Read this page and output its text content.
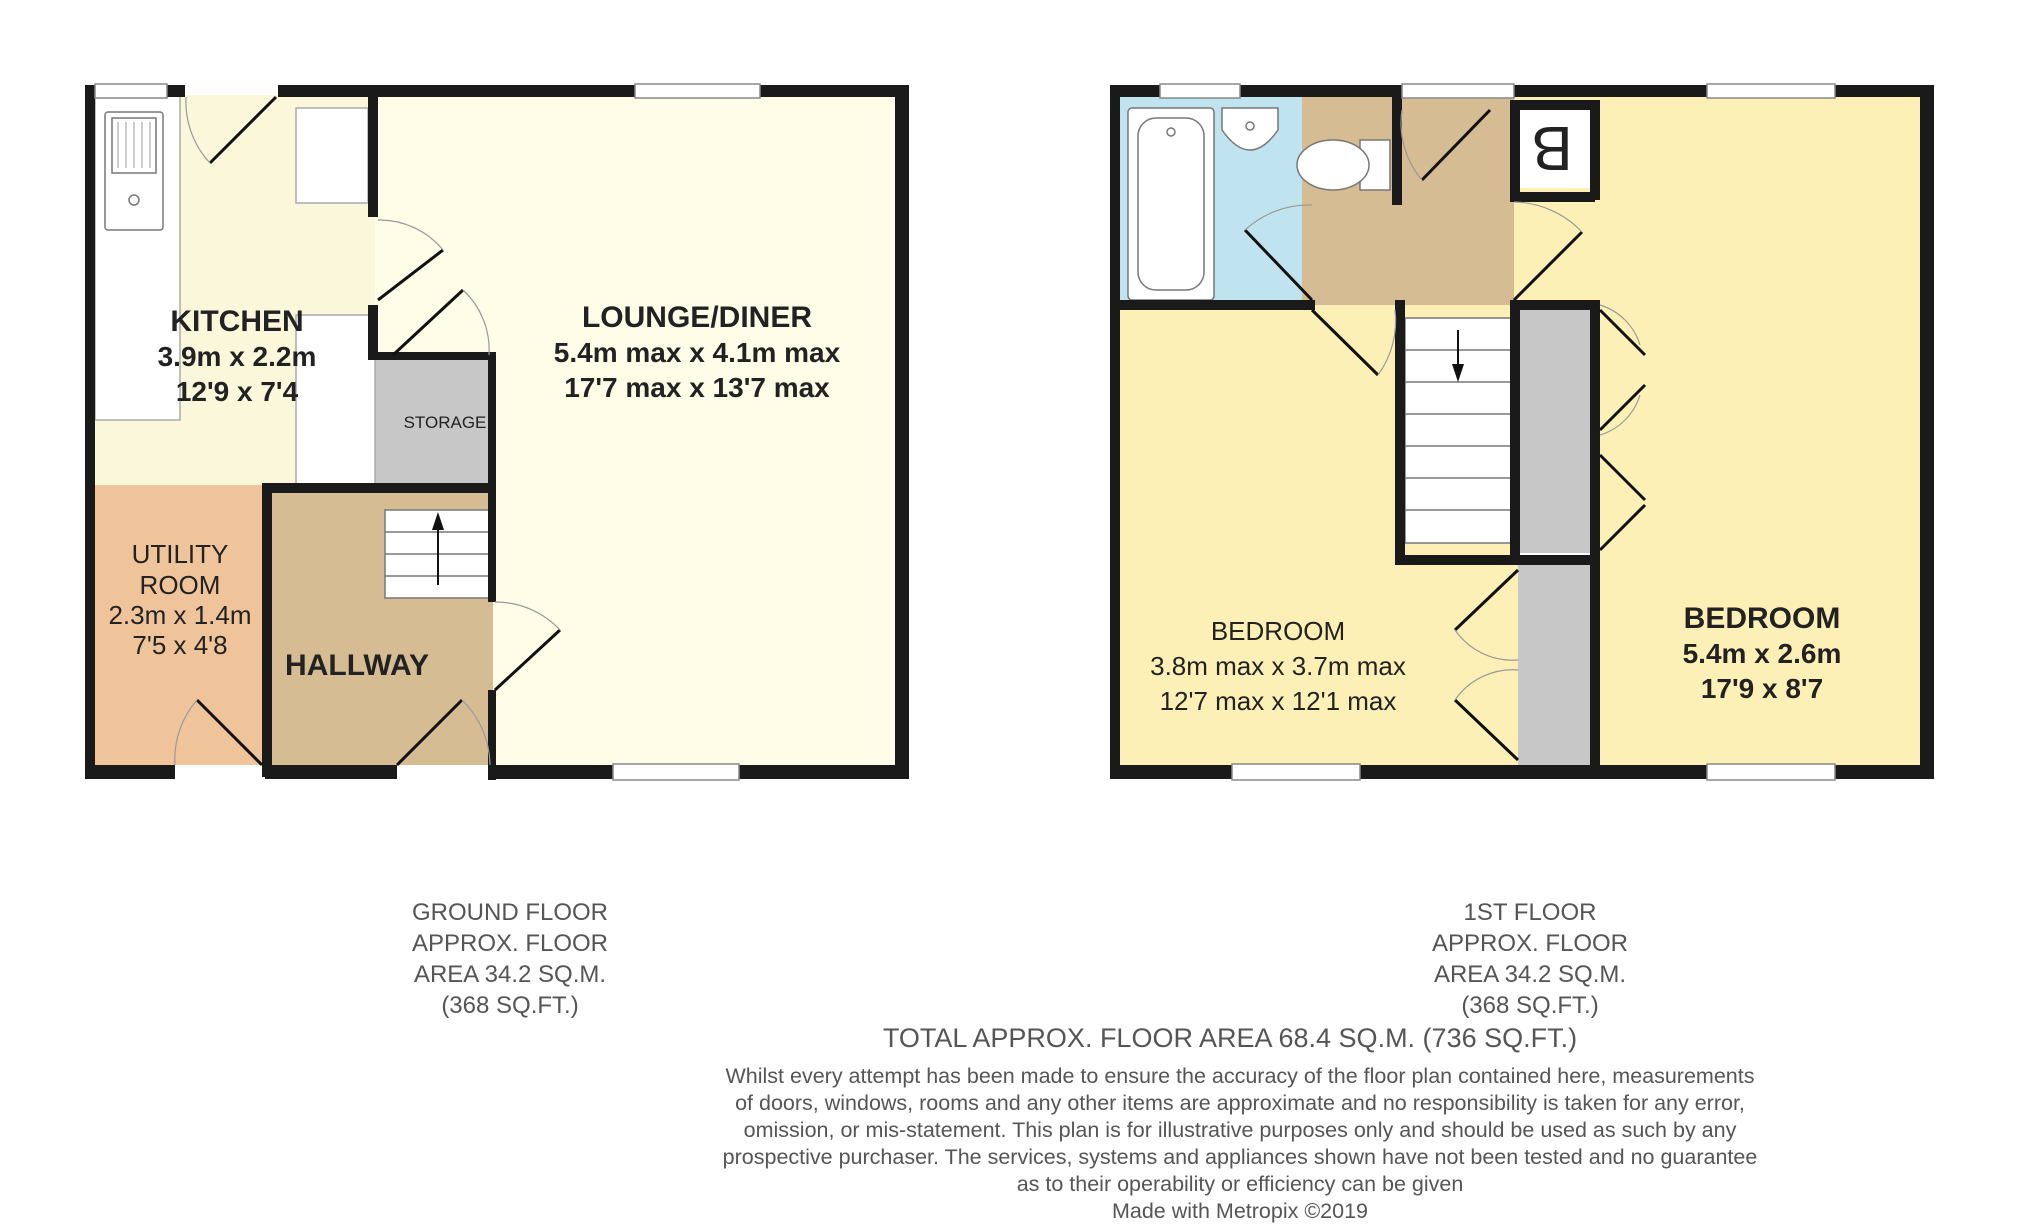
KITCHEN
3.9m x 2.2m
12'9 x 7'4
LOUNGE/DINER
5.4m max x 4.1m max
17'7 max x 13'7 max
STORAGE
UTILITY
ROOM
2.3m x 1.4m
7'5 x 4'8
HALLWAY
B
BEDROOM
3.8m max x 3.7m max
12'7 max x 12'1 max
BEDROOM
5.4m x 2.6m
17'9 x 8'7
GROUND FLOOR
APPROX. FLOOR
AREA 34.2 SQ.M.
(368 SQ.FT.)
1ST FLOOR
APPROX. FLOOR
AREA 34.2 SQ.M.
(368 SQ.FT.)
TOTAL APPROX. FLOOR AREA 68.4 SQ.M. (736 SQ.FT.)
Whilst every attempt has been made to ensure the accuracy of the floor plan contained here, measurements
of doors, windows, rooms and any other items are approximate and no responsibility is taken for any error,
omission, or mis-statement. This plan is for illustrative purposes only and should be used as such by any
prospective purchaser. The services, systems and appliances shown have not been tested and no guarantee
as to their operability or efficiency can be given
Made with Metropix ©2019
